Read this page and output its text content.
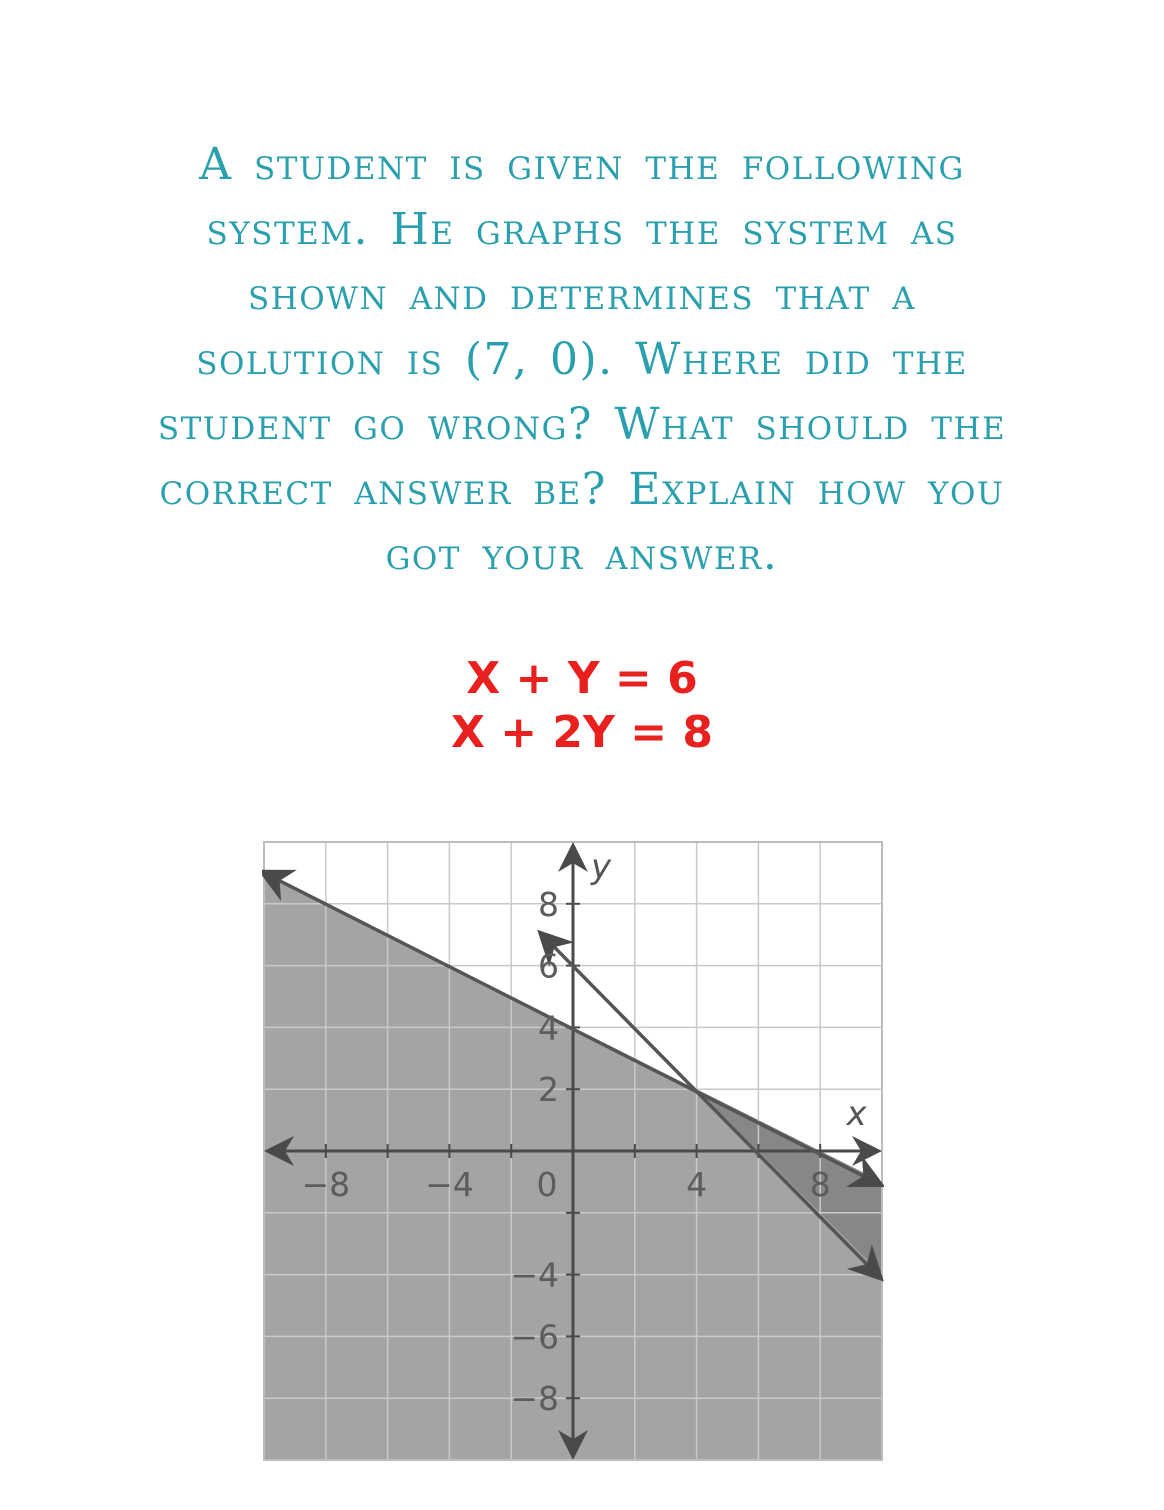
A student is given the following
system. He graphs the system as
shown and determines that a
solution is (7, 0). Where did the
student go wrong? What should the
correct answer be? Explain how you
got your answer.
X + Y = 6
X + 2Y = 8
−8 −4 0	4	8
8
6
4
2
−4
−6
−8
x
y
